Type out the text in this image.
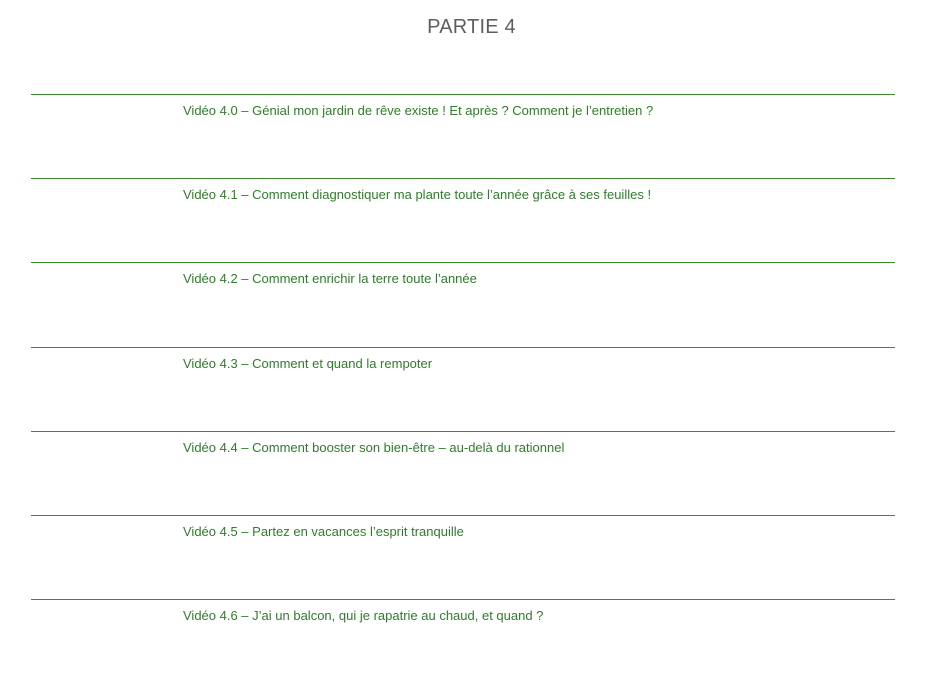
PARTIE 4
Vidéo 4.0 – Génial mon jardin de rêve existe ! Et après ? Comment je l’entretien ?
Vidéo 4.1 – Comment diagnostiquer ma plante toute l’année grâce à ses feuilles !
Vidéo 4.2 – Comment enrichir la terre toute l’année
Vidéo 4.3 – Comment et quand la rempoter
Vidéo 4.4 – Comment booster son bien-être – au-delà du rationnel
Vidéo 4.5 – Partez en vacances l’esprit tranquille
Vidéo 4.6 – J’ai un balcon, qui je rapatrie au chaud, et quand ?
